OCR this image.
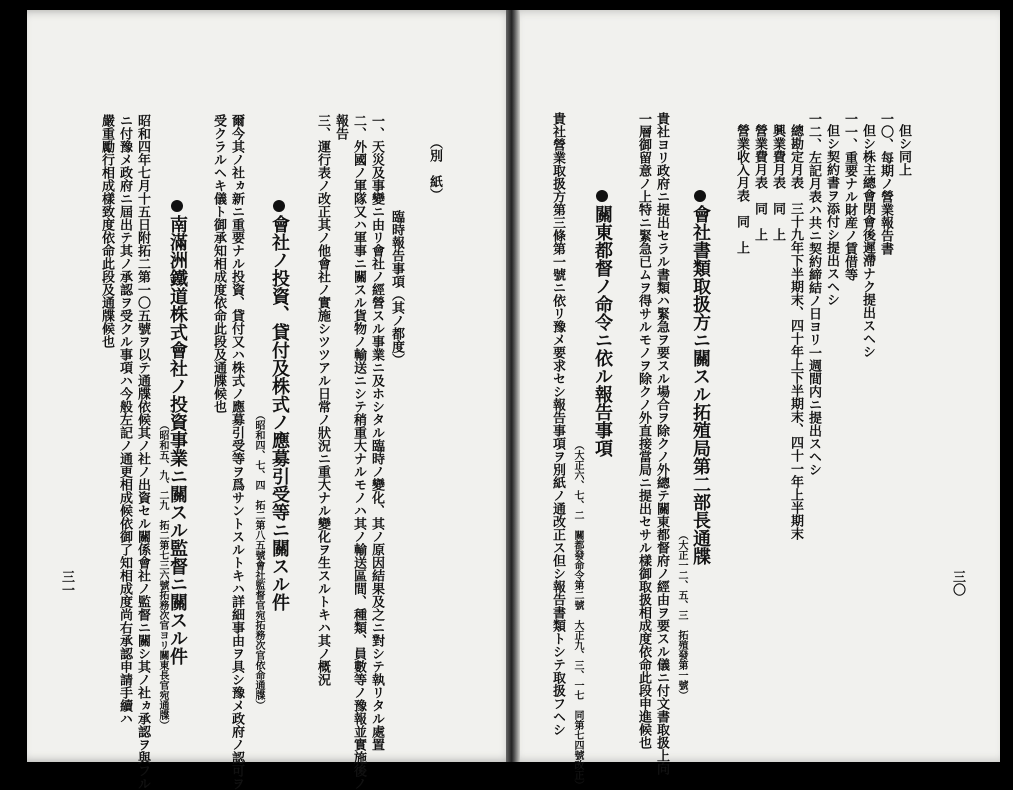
三一
嚴重勵行相成樣致度依命此段及通牒候也 ニ付豫メ政府ニ屆出テ其ノ承認ヲ受クル事項ハ今般左記ノ通更相成候依御了知相成度尚右承認申請手續ハ 昭和四年七月十五日附拓二第一〇五號ヲ以テ通牒依候其ノ社ノ出資セル關係會社ノ監督ニ關シ其ノ社ヵ承認ヲ與フル （昭和五、九、二九　拓二第七三六號拓務次官ヨリ關東長官宛通牒） 南滿洲鐵道株式會社ノ投資事業ニ關スル監督ニ關スル件 受クラルヘキ儀ト御承知相成度依命此段及通牒候也 爾今其ノ社ヵ新ニ重要ナル投資、貸付又ハ株式ノ應募引受等ヲ爲サントスルトキハ詳細事由ヲ具シ豫メ政府ノ認可ヲ （昭和四、七、四　拓二第八五號會社監督官宛拓務次官依命通牒） 會社ノ投資、貸付及株式ノ應募引受等ニ關スル件 三、運行表ノ改正其ノ他會社ノ實施シツツアル日常ノ狀況ニ重大ナル變化ヲ生スルトキハ其ノ概況 報告 二、外國ノ軍隊又ハ軍事ニ關スル貨物ノ輸送ニシテ稍重大ナルモノハ其ノ輸送區間、種類、員數等ノ豫報並實施後ノ 一、天災及事變ニ由リ會社ノ經營スル事業ニ及ホシタル臨時ノ變化、其ノ原因結果及之ニ對シテ執リタル處置 臨時報告事項（其ノ都度）
（別　紙）
三〇
貴社營業取扱方第三條第一號ニ依リ豫メ要求セシ報告事項ヲ別紙ノ通改正ス但シ報告書類トシテ取扱フヘシ （大正六、七、二　關都發命令第二號　大正九、三、一七　同第七四號改正）
關東都督ノ命令ニ依ル報告事項 一層御留意ノ上特ニ緊急已ムヲ得サルモノヲ除クノ外直接當局ニ提出セサル樣御取扱相成度依命此段申進候也 貴社ヨリ政府ニ提出セラル書類ハ緊急ヲ要スル場合ヲ除クノ外總テ關東都督府ノ經由ヲ要スル儀ニ付文書取扱上向 （大正一二、五、三　拓殖發第一號）
會社書類取扱方ニ關スル拓殖局第二部長通牒
營業收入月表　同　上 營業費月表　同　上 興業費月表　同　上 總勘定月表　三十九年下半期末、四十年上下半期末、四十一年上半期末 一二、左記月表ハ共ニ契約締結ノ日ヨリ一週間内ニ提出スヘシ 但シ契約書ヲ添付シ提出スヘシ 一一、重要ナル財産ノ賃借等 但シ株主總會閉會後遲滯ナク提出スヘシ 一〇、每期ノ營業報告書 但シ同上
